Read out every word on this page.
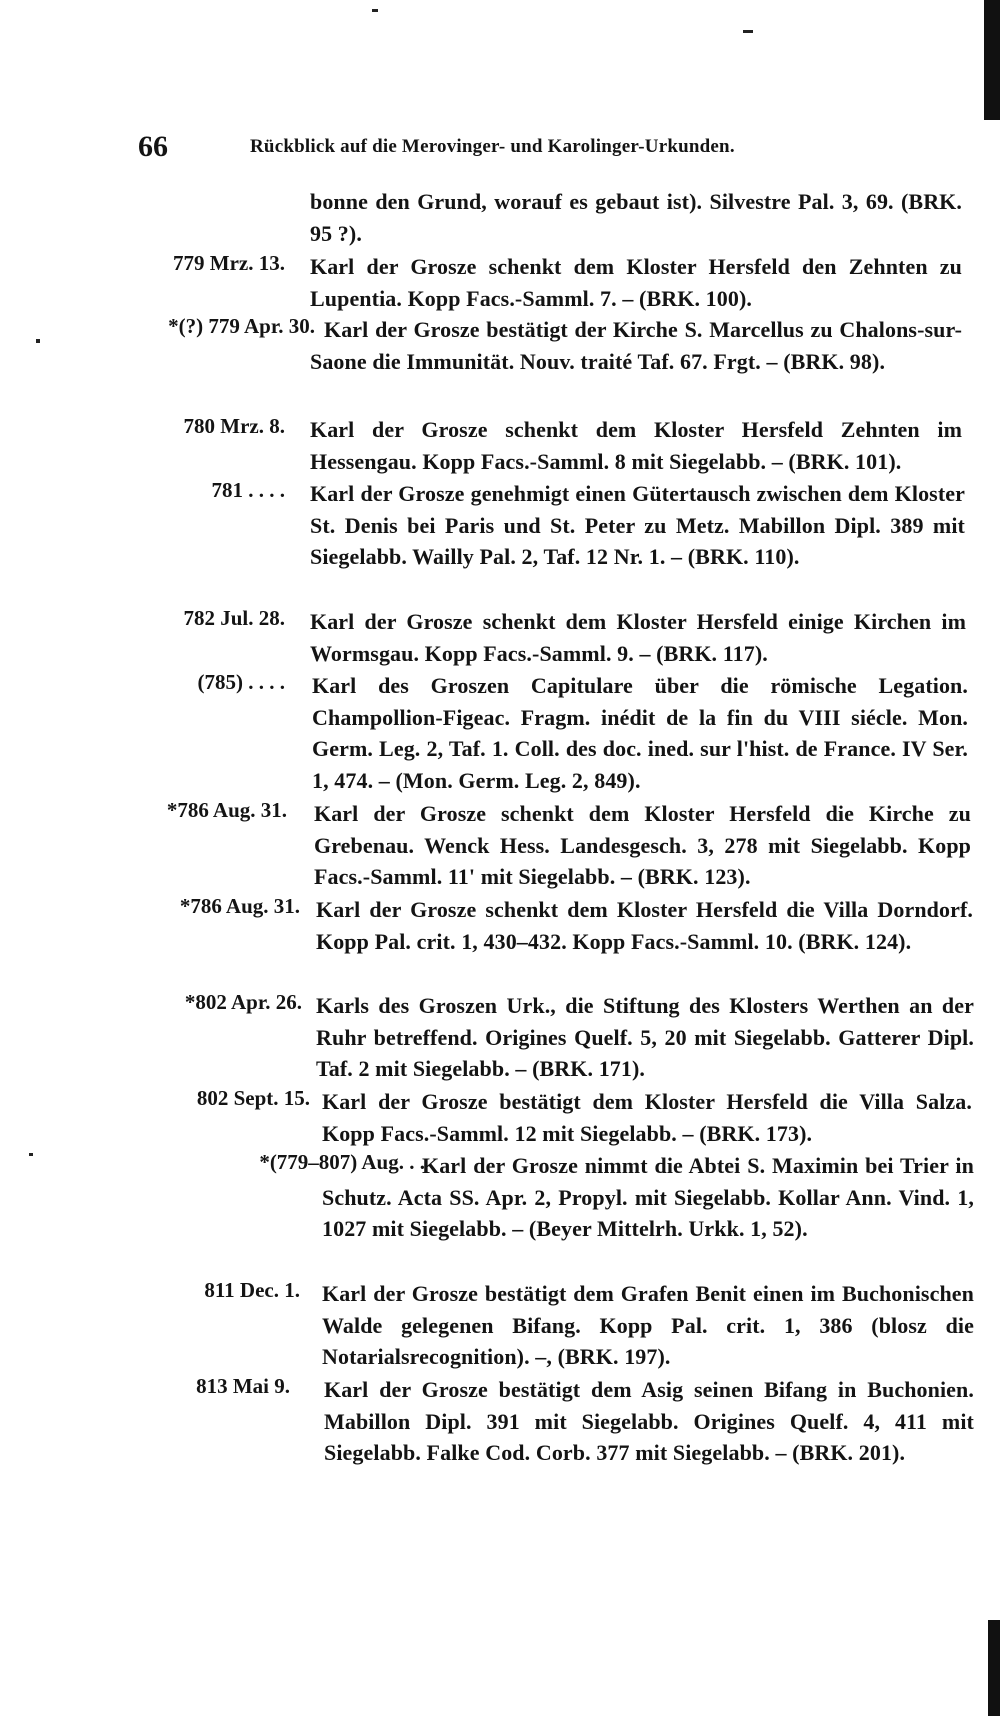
66	Rückblick auf die Merovinger- und Karolinger-Urkunden.
bonne den Grund, worauf es gebaut ist). Silvestre Pal. 3, 69. (BRK. 95 ?).
779 Mrz. 13. Karl der Grosze schenkt dem Kloster Hersfeld den Zehnten zu Lupentia. Kopp Facs.-Samml. 7. – (BRK. 100).
*(?) 779 Apr. 30. Karl der Grosze bestätigt der Kirche S. Marcellus zu Chalons-sur-Saone die Immunität. Nouv. traité Taf. 67. Frgt. – (BRK. 98).
780 Mrz. 8. Karl der Grosze schenkt dem Kloster Hersfeld Zehnten im Hessengau. Kopp Facs.-Samml. 8 mit Siegelabb. – (BRK. 101).
781 . . . . Karl der Grosze genehmigt einen Gütertausch zwischen dem Kloster St. Denis bei Paris und St. Peter zu Metz. Mabillon Dipl. 389 mit Siegelabb. Wailly Pal. 2, Taf. 12 Nr. 1. – (BRK. 110).
782 Jul. 28. Karl der Grosze schenkt dem Kloster Hersfeld einige Kirchen im Wormsgau. Kopp Facs.-Samml. 9. – (BRK. 117).
(785) . . . . Karl des Groszen Capitulare über die römische Legation. Champollion-Figeac. Fragm. inédit de la fin du VIII siécle. Mon. Germ. Leg. 2, Taf. 1. Coll. des doc. ined. sur l'hist. de France. IV Ser. 1, 474. – (Mon. Germ. Leg. 2, 849).
*786 Aug. 31. Karl der Grosze schenkt dem Kloster Hersfeld die Kirche zu Grebenau. Wenck Hess. Landesgesch. 3, 278 mit Siegelabb. Kopp Facs.-Samml. 11' mit Siegelabb. – (BRK. 123).
*786 Aug. 31. Karl der Grosze schenkt dem Kloster Hersfeld die Villa Dorndorf. Kopp Pal. crit. 1, 430–432. Kopp Facs.-Samml. 10. (BRK. 124).
*802 Apr. 26. Karls des Groszen Urk., die Stiftung des Klosters Werthen an der Ruhr betreffend. Origines Quelf. 5, 20 mit Siegelabb. Gatterer Dipl. Taf. 2 mit Siegelabb. – (BRK. 171).
802 Sept. 15. Karl der Grosze bestätigt dem Kloster Hersfeld die Villa Salza. Kopp Facs.-Samml. 12 mit Siegelabb. – (BRK. 173).
*(779–807) Aug. . .
Karl der Grosze nimmt die Abtei S. Maximin bei Trier in Schutz. Acta SS. Apr. 2, Propyl. mit Siegelabb. Kollar Ann. Vind. 1, 1027 mit Siegelabb. – (Beyer Mittelrh. Urkk. 1, 52).
811 Dec. 1. Karl der Grosze bestätigt dem Grafen Benit einen im Buchonischen Walde gelegenen Bifang. Kopp Pal. crit. 1, 386 (blosz die Notarialsrecognition). –, (BRK. 197).
813 Mai 9. Karl der Grosze bestätigt dem Asig seinen Bifang in Buchonien. Mabillon Dipl. 391 mit Siegelabb. Origines Quelf. 4, 411 mit Siegelabb. Falke Cod. Corb. 377 mit Siegelabb. – (BRK. 201).
